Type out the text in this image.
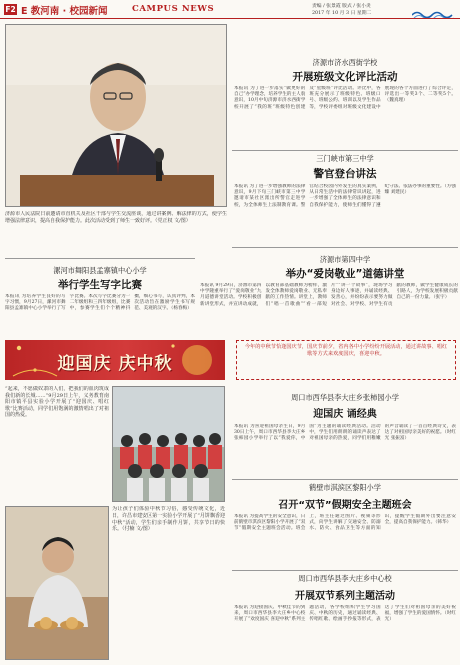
F2 E 教河南 · 校园新闻	CAMPUS NEWS	责编 / 张景霞 版式 / 张小炎
2017 年 10 月 3 日 星期二
济源市人民法院日前邀请市直机关及社区干部与学生交流座谈，通过讲案例、解法律的方式，使学生增强法律意识，提高自我保护能力。此次活动受到了师生一致好评。（党正权 文/图）
济源市济水西街学校
开展班级文化评比活动
本报讯 为了进一步落实“做更好的自己”办学理念，培养学生的主人翁意识，10月中旬济源市济水西街学校开展了“我的班”班级特色创建及“星级班”评比活动。评比中，各班充分展示了班级特色、班级口号、班级公约、班训以及学生作品等，学校评委组对班级文化建设中展现的各个方面进行了综合评定，评选出一等奖3个、二等奖5个。（魏真理）
三门峡市第三中学
警官登台讲法
本报讯 为了进一步增强教师的法律意识，9月下旬三门峡市第三中学邀请市某社区派出所警官走进学校，为全体师生上法制教育课。警官结合校园内外发生的真实案例，从日常生活中的法律常识讲起，进一步增强了全体师生的法律意识和自我保护能力，使师生们懂得了遵纪守法、依法办事的重要性。（方强臻 刘建民）
济源市第四中学
举办“爱岗敬业”道德讲堂
本报讯 9月29日，济源市第四中学隆重举行了“爱岗敬业”九月道德讲堂活动。学校积极创新讲堂形式，并宣讲动成就，以教育部基础教师为榜样，激发全体教师爱岗敬业、无私奉献的工作热情。讲堂上，教师们“唱一首歌曲”“看一部短片”“讲一个故事”，现场学习身边好人事迹，并诵读经典、发善心，并纷纷表示要努力做对社会、对学校、对学生有贡献的教师，做学生健康成长的引路人，为学校发展积极贡献自己的一份力量。（张宇）
漯河市舞阳县孟寨镇中心小学
举行学生写字比赛
本报讯 为培养学生良好的写字习惯，9月27日，漯河市舞阳县孟寨镇中心小学举行了写字比赛。本次写字比赛分为一二年级组和三四年级组，比赛中，参赛学生们个个精神抖擞，细心书写，认真评判，本次活动旨在激励学生书写规范、美观的汉字。（杨春梅）
迎国庆 庆中秋
今年的中秋节恰逢国庆节，国庆节前夕，省内各中小学纷纷开展活动，通过讲故事、唱红歌等方式来欢度国庆，喜迎中秋。
“起来，不愿做奴隶的人们，把我们的血肉筑成我们新的长城……”9月29日上午，义务教育南阳市镇平县实验小学开展了“迎国庆、唱红歌”比赛活动，同学们用饱满的激情唱出了对祖国的热爱。
为让孩子们体验中秋节习俗，感受传统文化，近日，许昌市建安区第一实验小学开展了“月饼飘香迎中秋”活动，学生们亲手制作月饼，共享节日的快乐。（付楠 文/图）
周口市西华县李大庄乡张柿园小学
迎国庆 诵经典
本报讯 为喜迎祖国母亲生日，9月30日上午，周口市西华县李大庄乡张柿园小学举行了以“我爱你，中国”为主题的诵读经典活动。活动中，学生们用朗朗的诵读声表达了对祖国母亲的热爱，同学们用稚嫩的声音诵读了一首首经典诗文，表达了对祖国母亲美好的祝愿。（时红光 张振富）
鹤壁市淇滨区黎阳小学
召开“双节”假期安全主题班会
本报讯 为提高学生的安全意识，日前鹤壁市淇滨区黎阳小学开展了“双节”假期安全主题班会活动。班会上，班主任通过图片、视频等形式，向学生讲解了交通安全、防溺水、防火、食品卫生等方面的知识，提醒学生假期外出要注意安全，提高自我保护能力。（韩华）
周口市西华县李大庄乡中心校
开展双节系列主题活动
本报讯 为迎接国庆、中秋佳节的到来，周口市西华县李大庄乡中心校开展了“欢度国庆 喜迎中秋”系列主题活动，各学校组织学生学习国庆、中秋的历史，通过诵读经典、传唱红歌、绘画手抄报等形式，表达了学生们对祖国母亲的美好祝福，增强了学生的爱国情怀。（时红光）
